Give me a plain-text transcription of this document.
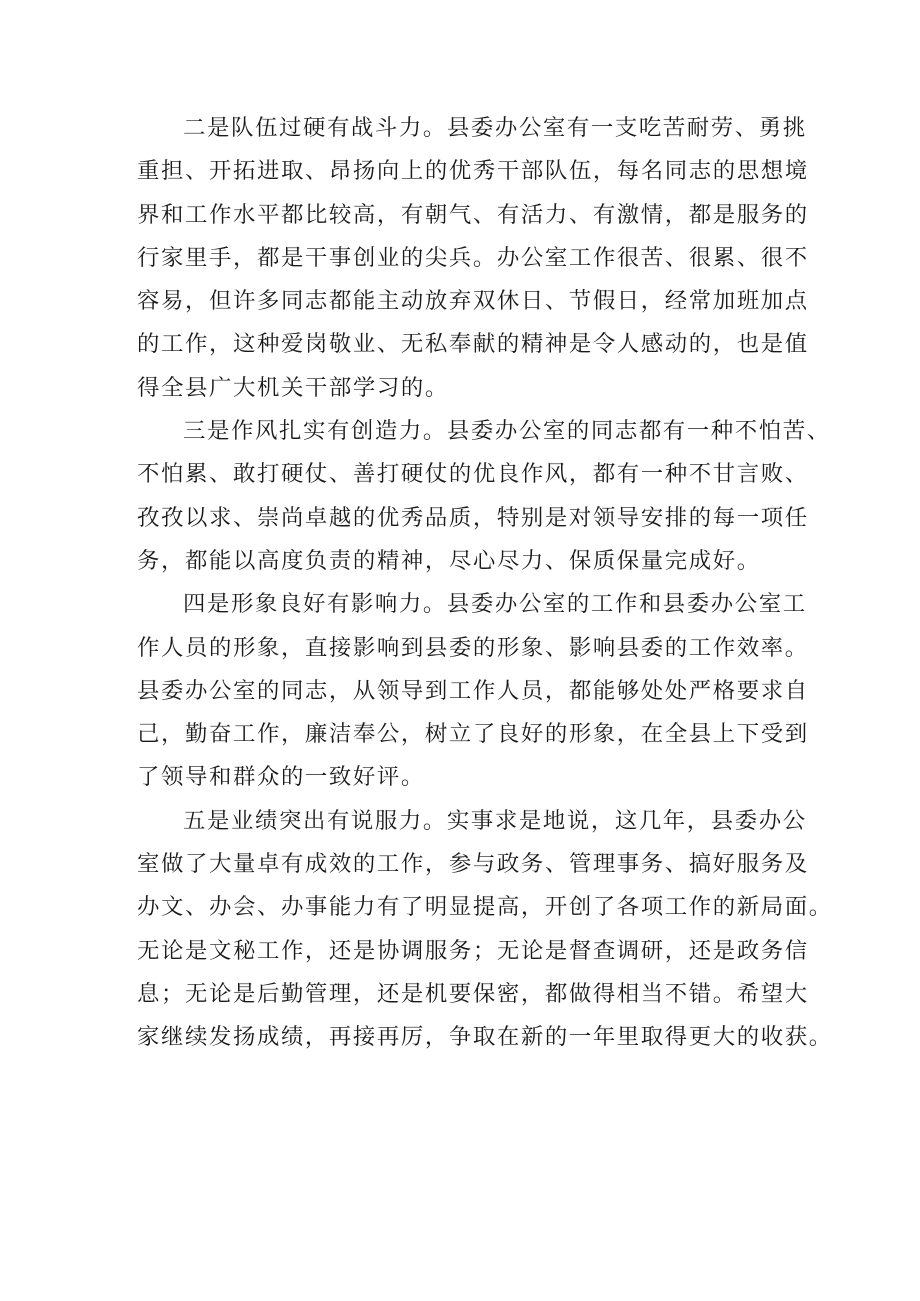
二是队伍过硬有战斗力。县委办公室有一支吃苦耐劳、勇挑
重担、开拓进取、昂扬向上的优秀干部队伍，每名同志的思想境
界和工作水平都比较高，有朝气、有活力、有激情，都是服务的
行家里手，都是干事创业的尖兵。办公室工作很苦、很累、很不
容易，但许多同志都能主动放弃双休日、节假日，经常加班加点
的工作，这种爱岗敬业、无私奉献的精神是令人感动的，也是值
得全县广大机关干部学习的。
三是作风扎实有创造力。县委办公室的同志都有一种不怕苦、
不怕累、敢打硬仗、善打硬仗的优良作风，都有一种不甘言败、
孜孜以求、崇尚卓越的优秀品质，特别是对领导安排的每一项任
务，都能以高度负责的精神，尽心尽力、保质保量完成好。
四是形象良好有影响力。县委办公室的工作和县委办公室工
作人员的形象，直接影响到县委的形象、影响县委的工作效率。
县委办公室的同志，从领导到工作人员，都能够处处严格要求自
己，勤奋工作，廉洁奉公，树立了良好的形象，在全县上下受到
了领导和群众的一致好评。
五是业绩突出有说服力。实事求是地说，这几年，县委办公
室做了大量卓有成效的工作，参与政务、管理事务、搞好服务及
办文、办会、办事能力有了明显提高，开创了各项工作的新局面。
无论是文秘工作，还是协调服务；无论是督查调研，还是政务信
息；无论是后勤管理，还是机要保密，都做得相当不错。希望大
家继续发扬成绩，再接再厉，争取在新的一年里取得更大的收获。
